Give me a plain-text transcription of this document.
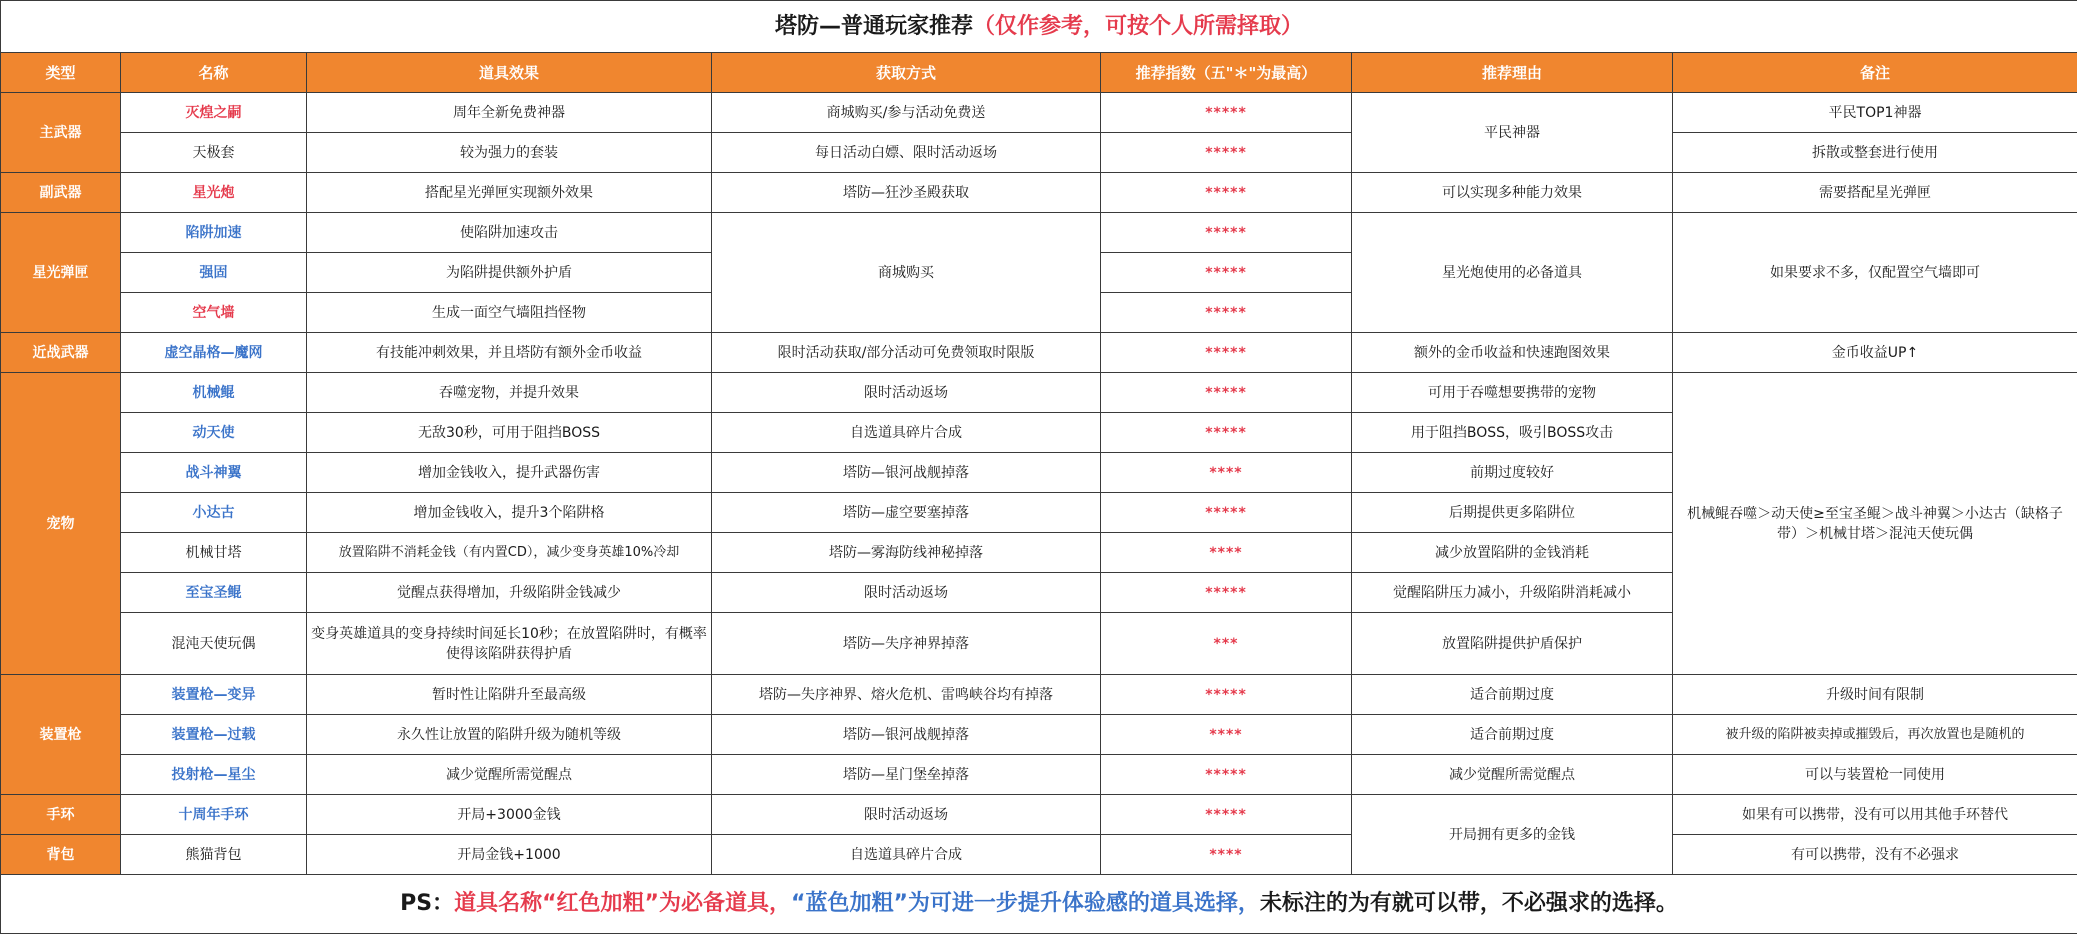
塔防—普通玩家推荐（仅作参考，可按个人所需择取）						
类型	名称	道具效果	获取方式	推荐指数（五"＊"为最高）	推荐理由	备注
主武器	灭煌之嗣	周年全新免费神器	商城购买/参与活动免费送	*****	平民神器	平民TOP1神器
	天极套	较为强力的套装	每日活动白嫖、限时活动返场	*****		拆散或整套进行使用
副武器	星光炮	搭配星光弹匣实现额外效果	塔防—狂沙圣殿获取	*****	可以实现多种能力效果	需要搭配星光弹匣
星光弹匣	陷阱加速	使陷阱加速攻击	商城购买	*****	星光炮使用的必备道具	如果要求不多，仅配置空气墙即可
	强固	为陷阱提供额外护盾		*****		
	空气墙	生成一面空气墙阻挡怪物		*****		
近战武器	虚空晶格—魔网	有技能冲刺效果，并且塔防有额外金币收益	限时活动获取/部分活动可免费领取时限版	*****	额外的金币收益和快速跑图效果	金币收益UP↑
宠物	机械鲲	吞噬宠物，并提升效果	限时活动返场	*****	可用于吞噬想要携带的宠物	机械鲲吞噬＞动天使≥至宝圣鲲＞战斗神翼＞小达古（缺格子带）＞机械甘塔＞混沌天使玩偶
	动天使	无敌30秒，可用于阻挡BOSS	自选道具碎片合成	*****	用于阻挡BOSS，吸引BOSS攻击	
	战斗神翼	增加金钱收入，提升武器伤害	塔防—银河战舰掉落	****	前期过度较好	
	小达古	增加金钱收入，提升3个陷阱格	塔防—虚空要塞掉落	*****	后期提供更多陷阱位	
	机械甘塔	放置陷阱不消耗金钱（有内置CD），减少变身英雄10%冷却	塔防—雾海防线神秘掉落	****	减少放置陷阱的金钱消耗	
	至宝圣鲲	觉醒点获得增加，升级陷阱金钱减少	限时活动返场	*****	觉醒陷阱压力减小，升级陷阱消耗减小	
	混沌天使玩偶	变身英雄道具的变身持续时间延长10秒；在放置陷阱时，有概率使得该陷阱获得护盾	塔防—失序神界掉落	***	放置陷阱提供护盾保护	
装置枪	装置枪—变异	暂时性让陷阱升至最高级	塔防—失序神界、熔火危机、雷鸣峡谷均有掉落	*****	适合前期过度	升级时间有限制
	装置枪—过载	永久性让放置的陷阱升级为随机等级	塔防—银河战舰掉落	****	适合前期过度	被升级的陷阱被卖掉或摧毁后，再次放置也是随机的
	投射枪—星尘	减少觉醒所需觉醒点	塔防—星门堡垒掉落	*****	减少觉醒所需觉醒点	可以与装置枪一同使用
手环	十周年手环	开局+3000金钱	限时活动返场	*****	开局拥有更多的金钱	如果有可以携带，没有可以用其他手环替代
背包	熊猫背包	开局金钱+1000	自选道具碎片合成	****		有可以携带，没有不必强求
PS：道具名称“红色加粗”为必备道具，“蓝色加粗”为可进一步提升体验感的道具选择，未标注的为有就可以带，不必强求的选择。						
